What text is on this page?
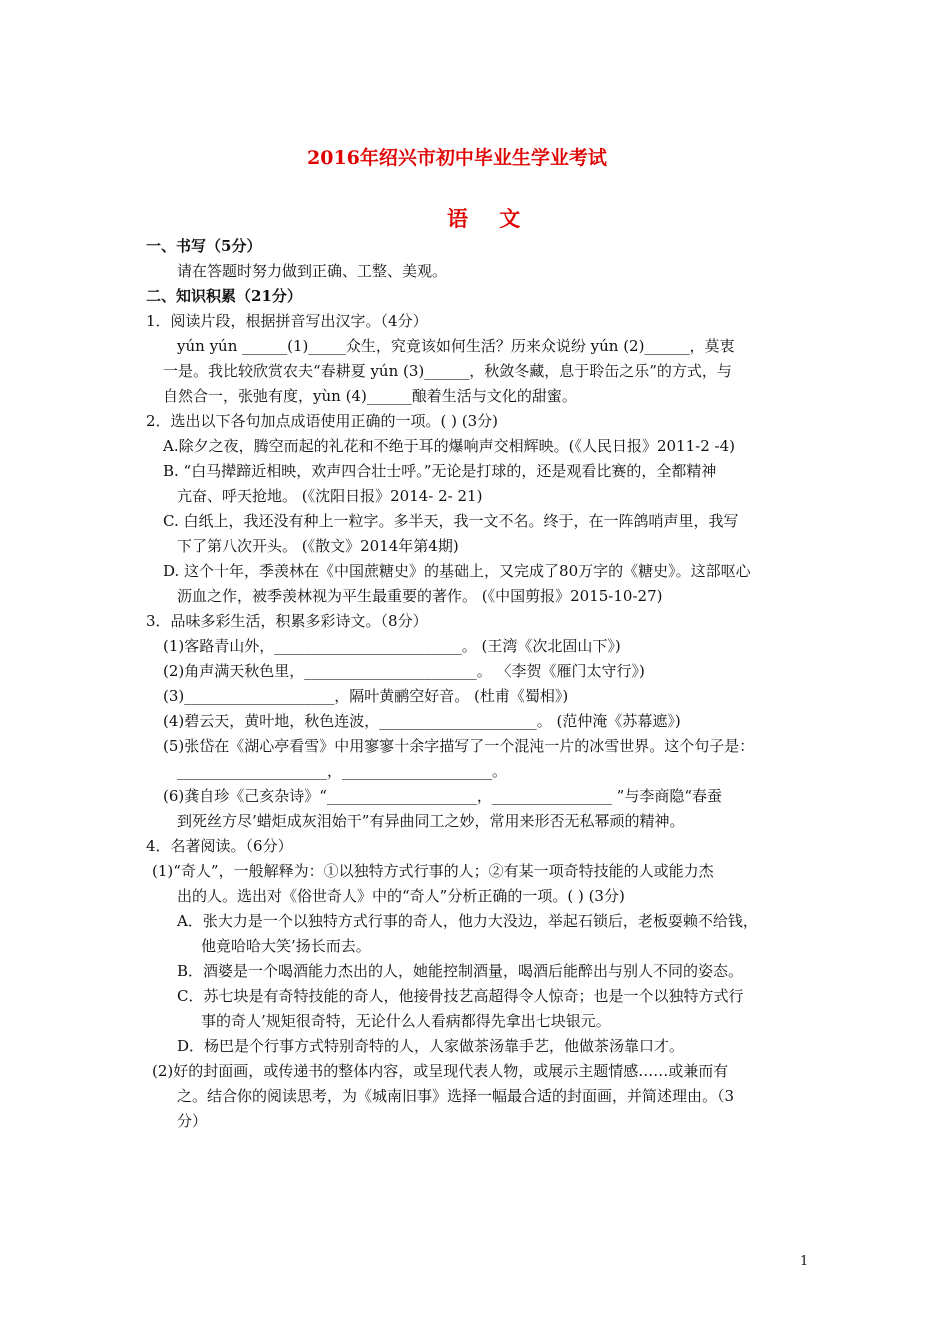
2016年绍兴市初中毕业生学业考试
语 文
一、书写（5分）
请在答题时努力做到正确、工整、美观。
二、知识积累（21分）
1．阅读片段，根据拼音写出汉字。（4分）
yún yún ______(1)_____众生，究竟该如何生活？历来众说纷 yún (2)______，莫衷
一是。我比较欣赏农夫“春耕夏 yún (3)______，秋敛冬藏，息于聆缶之乐”的方式，与
自然合一，张弛有度，yùn (4)______酿着生活与文化的甜蜜。
2．选出以下各句加点成语使用正确的一项。( ) (3分)
A.除夕之夜，腾空而起的礼花和不绝于耳的爆响声交相辉映。(《人民日报》2011-2 -4)
B. “白马撵蹄近相映，欢声四合壮士呼。”无论是打球的，还是观看比赛的，全都精神
亢奋、呼天抢地。 (《沈阳日报》2014- 2- 21)
C. 白纸上，我还没有种上一粒字。多半天，我一文不名。终于，在一阵鸽哨声里，我写
下了第八次开头。 (《散文》2014年第4期)
D. 这个十年，季羡林在《中国蔗糖史》的基础上，又完成了80万字的《糖史》。这部呕心
沥血之作，被季羡林视为平生最重要的著作。 (《中国剪报》2015-10-27)
3．品味多彩生活，积累多彩诗文。（8分）
(1)客路青山外，_________________________。 (王湾《次北固山下》)
(2)角声满天秋色里，_______________________。 〈李贺《雁门太守行》)
(3)____________________，隔叶黄鹂空好音。 (杜甫《蜀相》)
(4)碧云天，黄叶地，秋色连波，_____________________。 (范仲淹《苏幕遮》)
(5)张岱在《湖心亭看雪》中用寥寥十余字描写了一个混沌一片的冰雪世界。这个句子是：
____________________，____________________。
(6)龚自珍《己亥杂诗》“____________________，________________ ”与李商隐“春蚕
到死丝方尽’蜡炬成灰泪始干”有异曲同工之妙，常用来形否无私幂顽的精神。
4．名著阅读。（6分）
(1)“奇人”，一般解释为：①以独特方式行事的人；②有某一项奇特技能的人或能力杰
出的人。选出对《俗世奇人》中的“奇人”分析正确的一项。( ) (3分)
A．张大力是一个以独特方式行事的奇人，他力大没边，举起石锁后，老板耍赖不给钱，
他竟哈哈大笑’扬长而去。
B．酒婆是一个喝酒能力杰出的人，她能控制酒量，喝酒后能醉出与别人不同的姿态。
C．苏七块是有奇特技能的奇人，他接骨技艺高超得令人惊奇；也是一个以独特方式行
事的奇人’规矩很奇特，无论什么人看病都得先拿出七块银元。
D．杨巴是个行事方式特别奇特的人，人家做茶汤靠手艺，他做茶汤靠口才。
(2)好的封面画，或传递书的整体内容，或呈现代表人物，或展示主题情感……或兼而有
之。结合你的阅读思考，为《城南旧事》选择一幅最合适的封面画，并简述理由。（3
分）
1
